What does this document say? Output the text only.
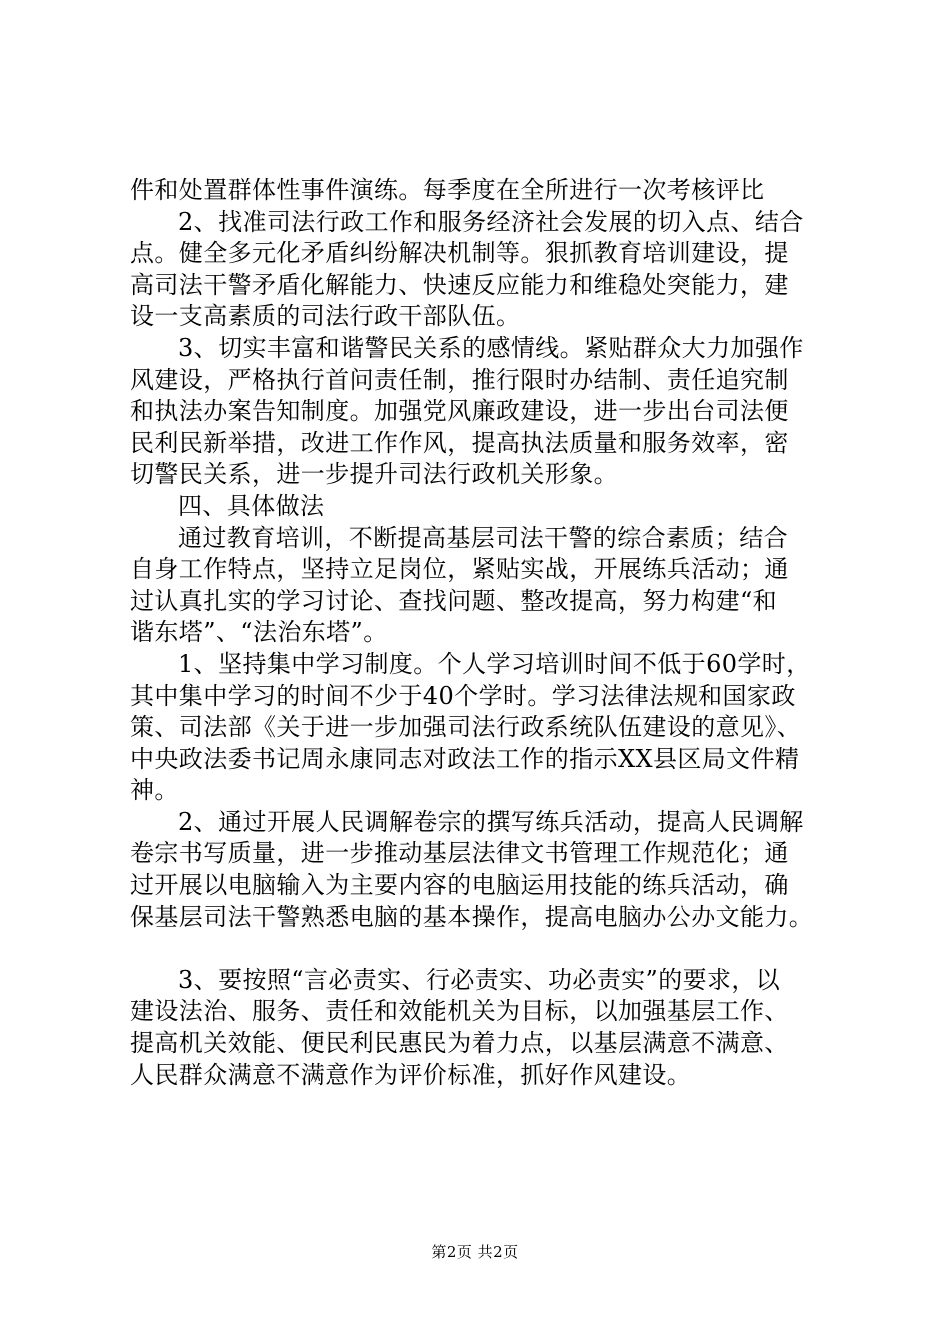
件和处置群体性事件演练。每季度在全所进行一次考核评比
2、找准司法行政工作和服务经济社会发展的切入点、结合
点。健全多元化矛盾纠纷解决机制等。狠抓教育培训建设，提
高司法干警矛盾化解能力、快速反应能力和维稳处突能力，建
设一支高素质的司法行政干部队伍。
3、切实丰富和谐警民关系的感情线。紧贴群众大力加强作
风建设，严格执行首问责任制，推行限时办结制、责任追究制
和执法办案告知制度。加强党风廉政建设，进一步出台司法便
民利民新举措，改进工作作风，提高执法质量和服务效率，密
切警民关系，进一步提升司法行政机关形象。
四、具体做法
通过教育培训，不断提高基层司法干警的综合素质；结合
自身工作特点，坚持立足岗位，紧贴实战，开展练兵活动；通
过认真扎实的学习讨论、查找问题、整改提高，努力构建“和
谐东塔”、“法治东塔”。
1、坚持集中学习制度。个人学习培训时间不低于60学时，
其中集中学习的时间不少于40个学时。学习法律法规和国家政
策、司法部《关于进一步加强司法行政系统队伍建设的意见》、
中央政法委书记周永康同志对政法工作的指示XX县区局文件精
神。
2、通过开展人民调解卷宗的撰写练兵活动，提高人民调解
卷宗书写质量，进一步推动基层法律文书管理工作规范化；通
过开展以电脑输入为主要内容的电脑运用技能的练兵活动，确
保基层司法干警熟悉电脑的基本操作，提高电脑办公办文能力。
3、要按照“言必责实、行必责实、功必责实”的要求，以
建设法治、服务、责任和效能机关为目标，以加强基层工作、
提高机关效能、便民利民惠民为着力点，以基层满意不满意、
人民群众满意不满意作为评价标准，抓好作风建设。
第2页 共2页
